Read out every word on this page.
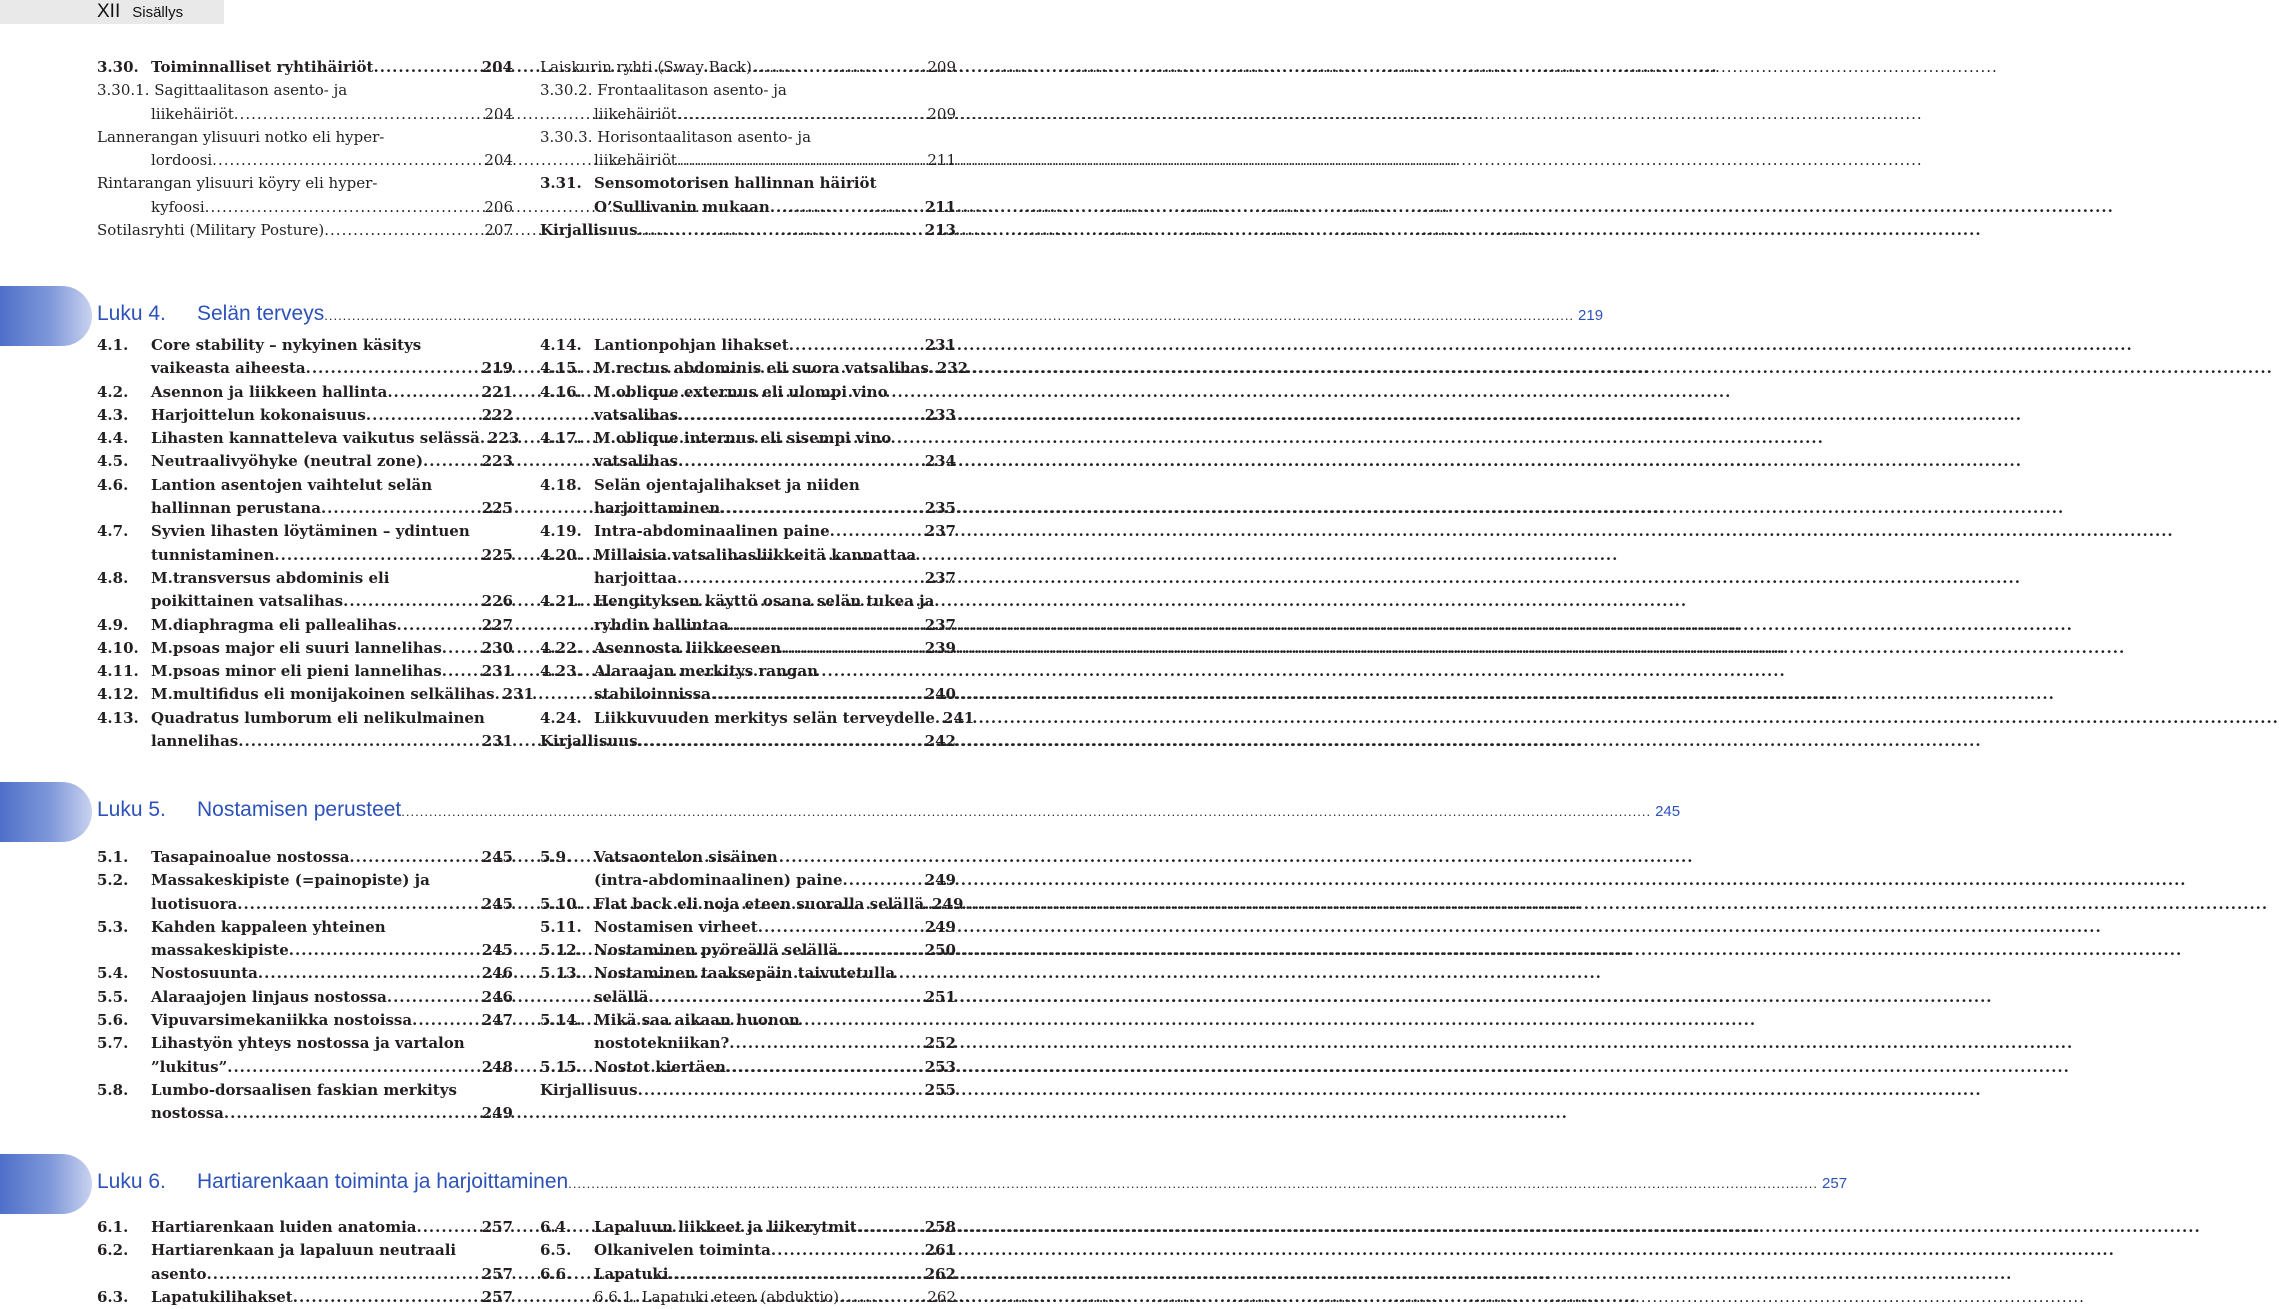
XII Sisällys
3.30. Toiminnalliset ryhtihäiriöt .....	204
3.30.1. Sagittaalitason asento- ja
liikehäiriöt .....	204
Lannerangan ylisuuri notko eli hyper-
lordoosi .....	204
Rintarangan ylisuuri köyry eli hyper-
kyfoosi .....	206
Sotilasryhti (Military Posture) .....	207
Laiskurin ryhti (Sway Back) .....	209
3.30.2. Frontaalitason asento- ja
liikehäiriöt .....	209
3.30.3. Horisontaalitason asento- ja
liikehäiriöt .....	211
3.31. Sensomotorisen hallinnan häiriöt
O’Sullivanin mukaan .....	211
Kirjallisuus .....	213
Luku 4.	Selän terveys .....	219
4.1.	Core stability – nykyinen käsitys
vaikeasta aiheesta .....	219
4.2.	Asennon ja liikkeen hallinta .....	221
4.3.	Harjoittelun kokonaisuus .....	222
4.4.	Lihasten kannatteleva vaikutus selässä ..... 223
4.5.	Neutraalivyöhyke (neutral zone) .....	223
4.6.	Lantion asentojen vaihtelut selän
hallinnan perustana .....	225
4.7.	Syvien lihasten löytäminen – ydintuen
tunnistaminen .....	225
4.8.	M.transversus abdominis eli
poikittainen vatsalihas .....	226
4.9.	M.diaphragma eli pallealihas .....	227
4.10. M.psoas major eli suuri lannelihas .....	230
4.11. M.psoas minor eli pieni lannelihas .....	231
4.12. M.multifidus eli monijakoinen selkälihas ..... 231
4.13. Quadratus lumborum eli nelikulmainen
lannelihas .....	231
4.14. Lantionpohjan lihakset .....	231
4.15. M.rectus abdominis eli suora vatsalihas ..... 232
4.16. M.oblique externus eli ulompi vino
vatsalihas .....	233
4.17. M.oblique internus eli sisempi vino
vatsalihas .....	234
4.18. Selän ojentajalihakset ja niiden
harjoittaminen .....	235
4.19. Intra-abdominaalinen paine .....	237
4.20. Millaisia vatsalihasliikkeitä kannattaa
harjoittaa .....	237
4.21. Hengityksen käyttö osana selän tukea ja
ryhdin hallintaa .....	237
4.22. Asennosta liikkeeseen .....	239
4.23. Alaraajan merkitys rangan
stabiloinnissa .....	240
4.24. Liikkuvuuden merkitys selän terveydelle ..... 241
Kirjallisuus .....	242
Luku 5.	Nostamisen perusteet .....	245
5.1.	Tasapainoalue nostossa .....	245
5.2.	Massakeskipiste (=painopiste) ja
luotisuora .....	245
5.3.	Kahden kappaleen yhteinen
massakeskipiste .....	245
5.4.	Nostosuunta .....	246
5.5.	Alaraajojen linjaus nostossa .....	246
5.6.	Vipuvarsimekaniikka nostoissa .....	247
5.7.	Lihastyön yhteys nostossa ja vartalon
”lukitus” .....	248
5.8.	Lumbo-dorsaalisen faskian merkitys
nostossa .....	249
5.9.	Vatsaontelon sisäinen
(intra-abdominaalinen) paine .....	249
5.10. Flat back eli noja eteen suoralla selällä ..... 249
5.11. Nostamisen virheet .....	249
5.12. Nostaminen pyöreällä selällä .....	250
5.13. Nostaminen taaksepäin taivutetulla
selällä .....	251
5.14. Mikä saa aikaan huonon
nostotekniikan? .....	252
5.15. Nostot kiertäen .....	253
Kirjallisuus .....	255
Luku 6.	Hartiarenkaan toiminta ja harjoittaminen .....	257
6.1.	Hartiarenkaan luiden anatomia .....	257
6.2.	Hartiarenkaan ja lapaluun neutraali
asento .....	257
6.3.	Lapatukilihakset .....	257
6.4.	Lapaluun liikkeet ja liikerytmit .....	258
6.5.	Olkanivelen toiminta .....	261
6.6.	Lapatuki .....	262
6.6.1. Lapatuki eteen (abduktio) .....	262
